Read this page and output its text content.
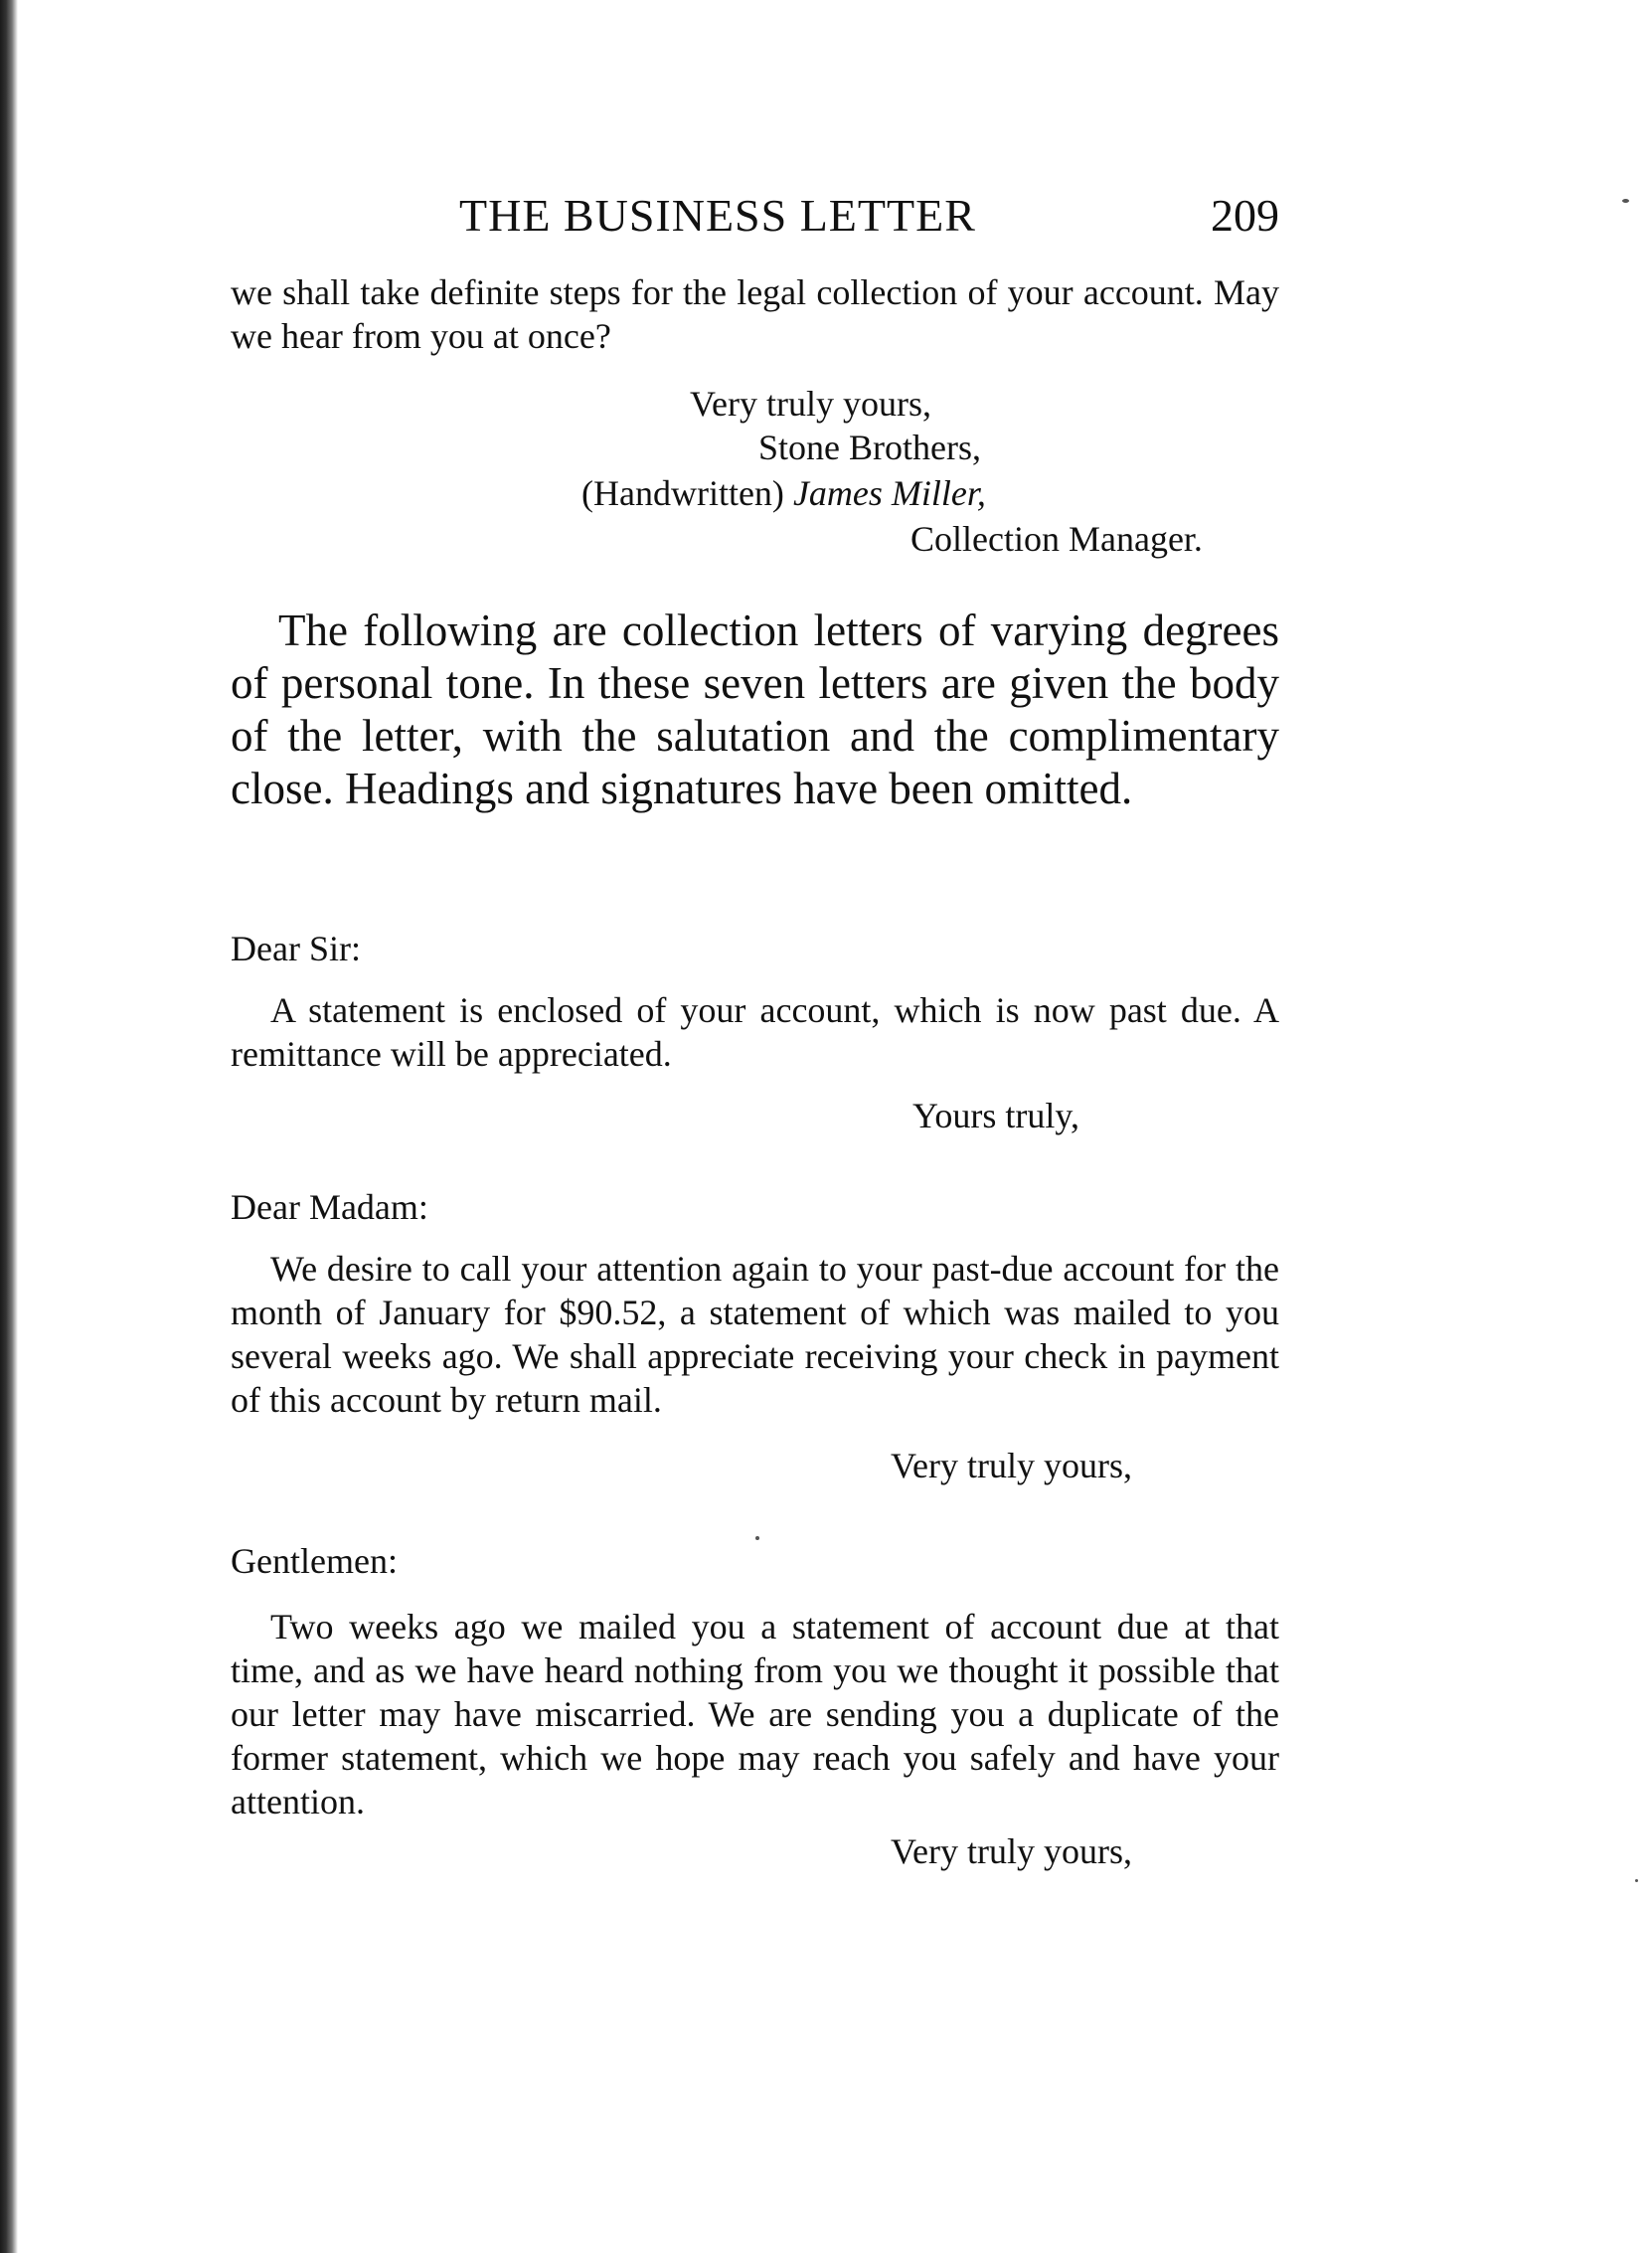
THE BUSINESS LETTER	209

we shall take definite steps for the legal collection of your account. May we hear from you at once?

Very truly yours,
Stone Brothers,
(Handwritten) James Miller,
Collection Manager.

The following are collection letters of varying degrees of personal tone. In these seven letters are given the body of the letter, with the salutation and the complimentary close. Headings and signatures have been omitted.

Dear Sir:

A statement is enclosed of your account, which is now past due. A remittance will be appreciated.

Yours truly,
Dear Madam:

We desire to call your attention again to your past-due account for the month of January for $90.52, a statement of which was mailed to you several weeks ago. We shall appreciate receiving your check in payment of this account by return mail.

Very truly yours,
Gentlemen:

Two weeks ago we mailed you a statement of account due at that time, and as we have heard nothing from you we thought it possible that our letter may have miscarried. We are sending you a duplicate of the former statement, which we hope may reach you safely and have your attention.

Very truly yours,
